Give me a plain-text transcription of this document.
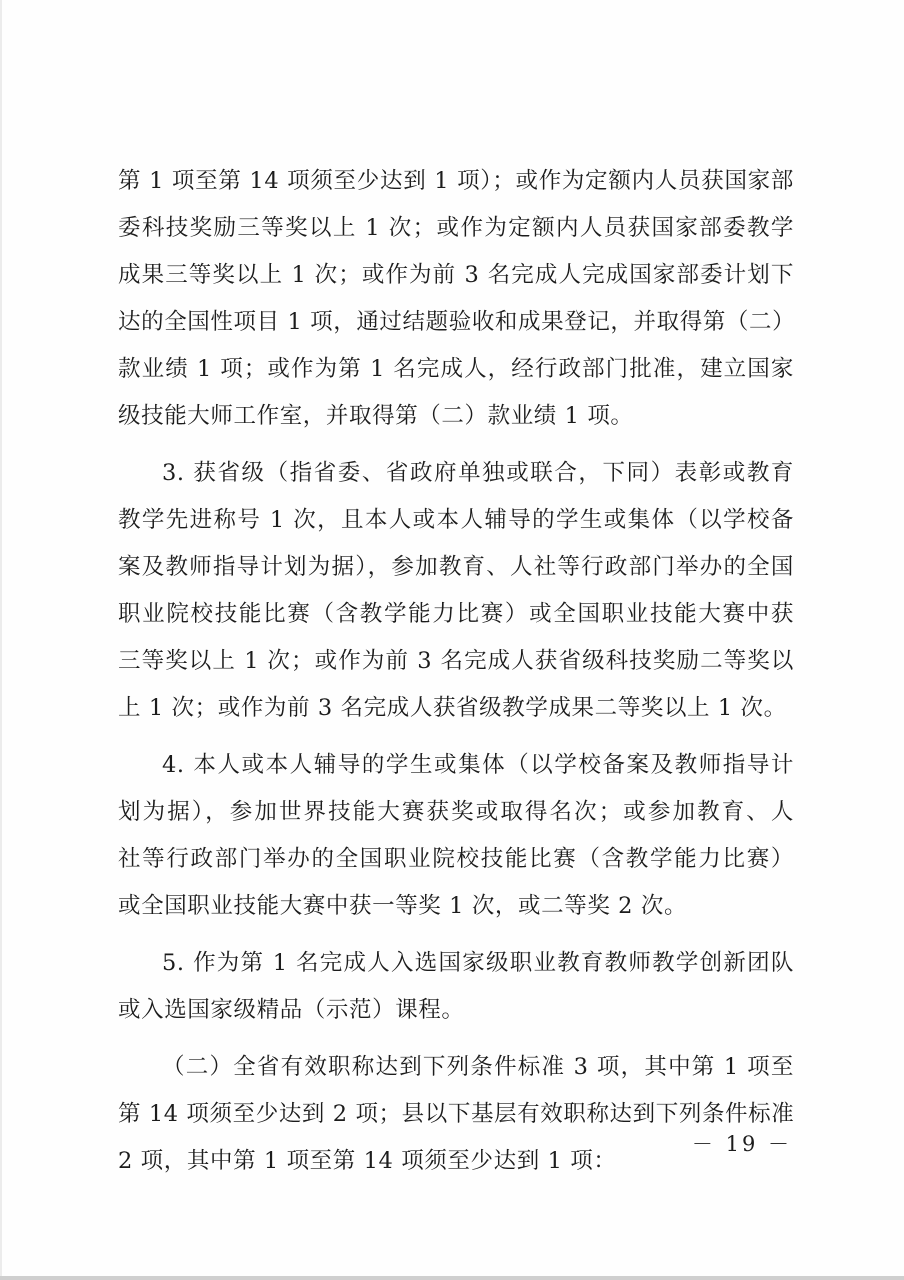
第 1 项至第 14 项须至少达到 1 项）；或作为定额内人员获国家部
委科技奖励三等奖以上 1 次；或作为定额内人员获国家部委教学
成果三等奖以上 1 次；或作为前 3 名完成人完成国家部委计划下
达的全国性项目 1 项，通过结题验收和成果登记，并取得第（二）
款业绩 1 项；或作为第 1 名完成人，经行政部门批准，建立国家
级技能大师工作室，并取得第（二）款业绩 1 项。
3. 获省级（指省委、省政府单独或联合，下同）表彰或教育
教学先进称号 1 次，且本人或本人辅导的学生或集体（以学校备
案及教师指导计划为据），参加教育、人社等行政部门举办的全国
职业院校技能比赛（含教学能力比赛）或全国职业技能大赛中获
三等奖以上 1 次；或作为前 3 名完成人获省级科技奖励二等奖以
上 1 次；或作为前 3 名完成人获省级教学成果二等奖以上 1 次。
4. 本人或本人辅导的学生或集体（以学校备案及教师指导计
划为据），参加世界技能大赛获奖或取得名次；或参加教育、人
社等行政部门举办的全国职业院校技能比赛（含教学能力比赛）
或全国职业技能大赛中获一等奖 1 次，或二等奖 2 次。
5. 作为第 1 名完成人入选国家级职业教育教师教学创新团队
或入选国家级精品（示范）课程。
（二）全省有效职称达到下列条件标准 3 项，其中第 1 项至
第 14 项须至少达到 2 项；县以下基层有效职称达到下列条件标准
2 项，其中第 1 项至第 14 项须至少达到 1 项：
－ 19 －
